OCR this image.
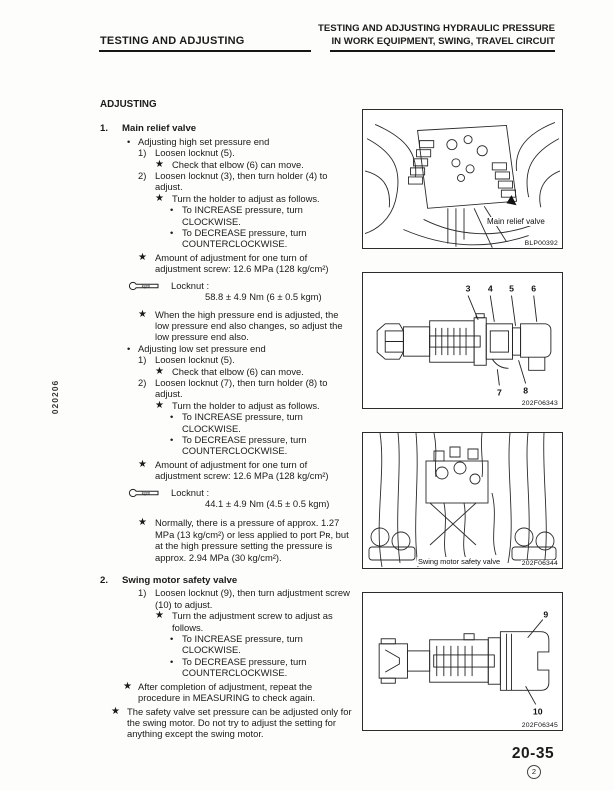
TESTING AND ADJUSTING
TESTING AND ADJUSTING HYDRAULIC PRESSURE
IN WORK EQUIPMENT, SWING, TRAVEL CIRCUIT
020206
ADJUSTING
1. Main relief valve
• Adjusting high set pressure end
1) Loosen locknut (5).
★ Check that elbow (6) can move.
2) Loosen locknut (3), then turn holder (4) to adjust.
★ Turn the holder to adjust as follows.
• To INCREASE pressure, turn CLOCKWISE.
• To DECREASE pressure, turn COUNTERCLOCKWISE.
★ Amount of adjustment for one turn of adjustment screw: 12.6 MPa (128 kg/cm²)
kgm Locknut :
58.8 ± 4.9 Nm (6 ± 0.5 kgm)
★ When the high pressure end is adjusted, the low pressure end also changes, so adjust the low pressure end also.
• Adjusting low set pressure end
1) Loosen locknut (5).
★ Check that elbow (6) can move.
2) Loosen locknut (7), then turn holder (8) to adjust.
★ Turn the holder to adjust as follows.
• To INCREASE pressure, turn CLOCKWISE.
• To DECREASE pressure, turn COUNTERCLOCKWISE.
★ Amount of adjustment for one turn of adjustment screw: 12.6 MPa (128 kg/cm²)
kgm Locknut :
44.1 ± 4.9 Nm (4.5 ± 0.5 kgm)
★ Normally, there is a pressure of approx. 1.27 MPa (13 kg/cm²) or less applied to port Pʀ, but at the high pressure setting the pressure is approx. 2.94 MPa (30 kg/cm²).
2. Swing motor safety valve
1) Loosen locknut (9), then turn adjustment screw (10) to adjust.
★ Turn the adjustment screw to adjust as follows.
• To INCREASE pressure, turn CLOCKWISE.
• To DECREASE pressure, turn COUNTERCLOCKWISE.
★ After completion of adjustment, repeat the procedure in MEASURING to check again.
★ The safety valve set pressure can be adjusted only for the swing motor. Do not try to adjust the setting for anything except the swing motor.
Main relief valve
BLP00392
3 4 5 6
7 8
202F06343
Swing motor safety valve	202F06344
9
10
202F06345
20-35
2
